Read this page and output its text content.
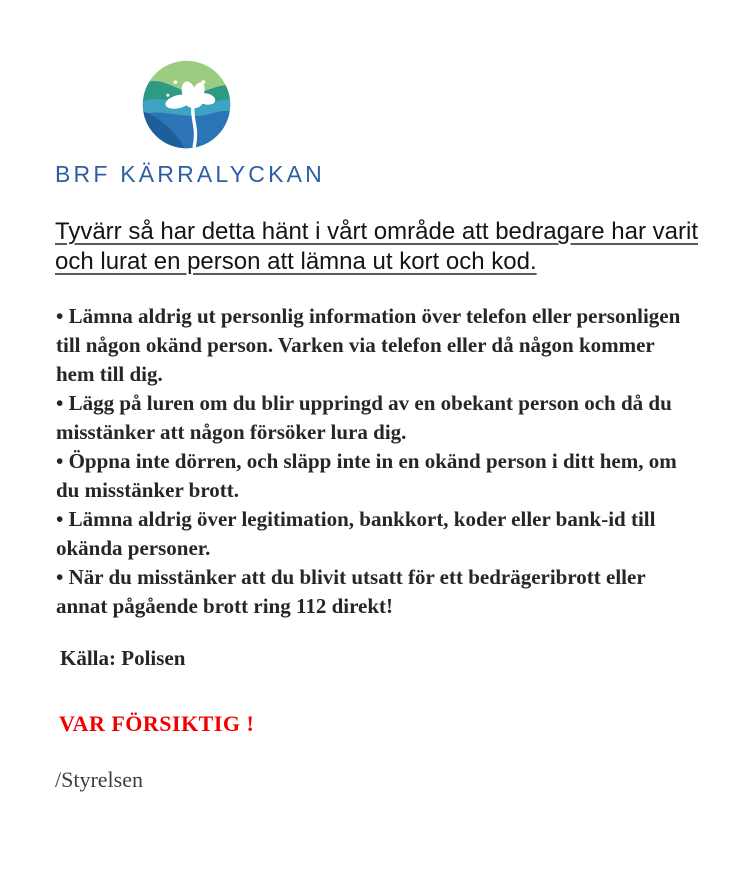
BRF KÄRRALYCKAN
Tyvärr så har detta hänt i vårt område att bedragare har varit och lurat en person att lämna ut kort och kod.

• Lämna aldrig ut personlig information över telefon eller personligen till någon okänd person. Varken via telefon eller då någon kommer hem till dig.

• Lägg på luren om du blir uppringd av en obekant person och då du misstänker att någon försöker lura dig.

• Öppna inte dörren, och släpp inte in en okänd person i ditt hem, om du misstänker brott.

• Lämna aldrig över legitimation, bankkort, koder eller bank-id till okända personer.

• När du misstänker att du blivit utsatt för ett bedrägeribrott eller annat pågående brott ring 112 direkt!

Källa: Polisen
VAR FÖRSIKTIG !
/Styrelsen
